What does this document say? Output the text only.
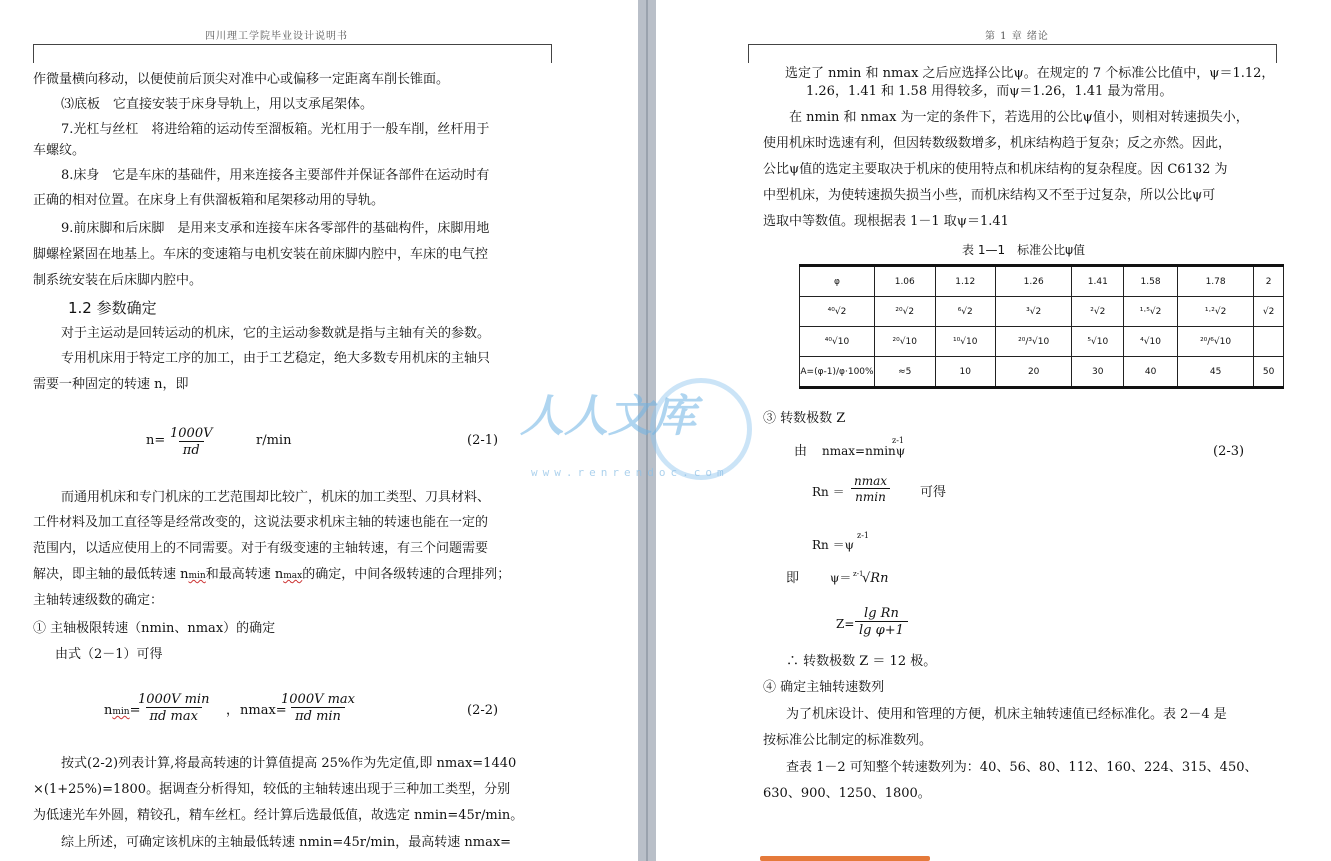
四川理工学院毕业设计说明书

作微量横向移动，以便使前后顶尖对准中心或偏移一定距离车削长锥面。

⑶底板　它直接安装于床身导轨上，用以支承尾架体。

7.光杠与丝杠　将进给箱的运动传至溜板箱。光杠用于一般车削，丝杆用于

车螺纹。

8.床身　它是车床的基础件，用来连接各主要部件并保证各部件在运动时有

正确的相对位置。在床身上有供溜板箱和尾架移动用的导轨。

9.前床脚和后床脚　是用来支承和连接车床各零部件的基础构件，床脚用地

脚螺栓紧固在地基上。车床的变速箱与电机安装在前床脚内腔中，车床的电气控

制系统安装在后床脚内腔中。

1.2 参数确定

对于主运动是回转运动的机床，它的主运动参数就是指与主轴有关的参数。

专用机床用于特定工序的加工，由于工艺稳定，绝大多数专用机床的主轴只

需要一种固定的转速 n，即

$n= \frac{1000V}{\pi d}$	r/min	(2-1)

而通用机床和专门机床的工艺范围却比较广，机床的加工类型、刀具材料、

工件材料及加工直径等是经常改变的，这说法要求机床主轴的转速也能在一定的

范围内，以适应使用上的不同需要。对于有级变速的主轴转速，有三个问题需要

解决，即主轴的最低转速 nmin和最高转速 nmax的确定，中间各级转速的合理排列；

主轴转速级数的确定：

① 主轴极限转速（nmin、nmax）的确定

由式（2－1）可得

nmin=
1000V min
πd max	， nmax=
1000V max
πd min	(2-2)

按式(2-2)列表计算,将最高转速的计算值提高 25%作为先定值,即 nmax=1440

×(1+25%)=1800。据调查分析得知，较低的主轴转速出现于三种加工类型，分别

为低速光车外圆，精铰孔，精车丝杠。经计算后选最低值，故选定 nmin=45r/min。

综上所述，可确定该机床的主轴最低转速 nmin=45r/min，最高转速 nmax=

第 1 章 绪论

选定了 nmin 和 nmax 之后应选择公比ψ。在规定的 7 个标准公比值中，ψ＝1.12，

1.26，1.41 和 1.58 用得较多，而ψ＝1.26，1.41 最为常用。

在 nmin 和 nmax 为一定的条件下，若选用的公比ψ值小，则相对转速损失小，

使用机床时选速有利，但因转数级数增多，机床结构趋于复杂；反之亦然。因此，

公比ψ值的选定主要取决于机床的使用特点和机床结构的复杂程度。因 C6132 为

中型机床，为使转速损失损当小些，而机床结构又不至于过复杂，所以公比ψ可

选取中等数值。现根据表 1－1 取ψ＝1.41

表 1—1　标准公比ψ值
φ	1.06	1.12	1.26	1.41	1.58	1.78	2
⁴⁰√2	²⁰√2	⁶√2	³√2	²√2	¹·⁵√2	¹·²√2	√2
⁴⁰√10	²⁰√10	¹⁰√10	²⁰/³√10	⁵√10	⁴√10	²⁰/⁶√10	
A=(φ-1)/φ·100%	≈5	10	20	30	40	45	50

③ 转数极数 Z

由 nmax=nminψ
z-1
(2-3)
Rn ＝
nmax
nmin	可得
Rn ＝ψ
z-1
即	ψ＝ z-1
√Rn
$Z= \frac{\text{lg Rn}}{\text{lg φ+1}}$

∴ 转数极数 Z ＝ 12 极。

④ 确定主轴转速数列

为了机床设计、使用和管理的方便，机床主轴转速值已经标准化。表 2－4 是

按标准公比制定的标准数列。

查表 1－2 可知整个转速数列为：40、56、80、112、160、224、315、450、

630、900、1250、1800。

人人文库
www.renrendoc.com
